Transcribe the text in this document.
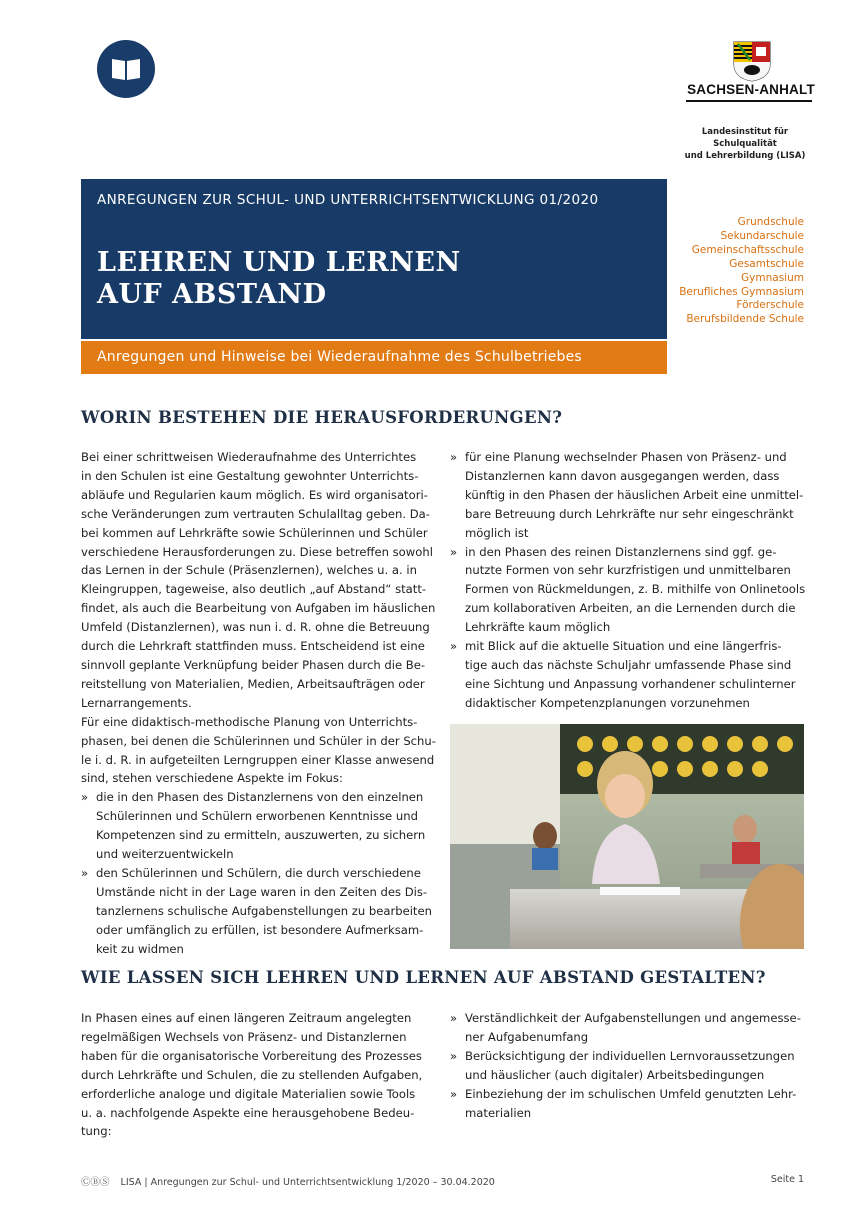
SACHSEN-ANHALT
Landesinstitut für Schulqualität
und Lehrerbildung (LISA)
ANREGUNGEN ZUR SCHUL- UND UNTERRICHTSENTWICKLUNG 01/2020
LEHREN UND LERNEN
AUF ABSTAND
Anregungen und Hinweise bei Wiederaufnahme des Schulbetriebes
Grundschule
Sekundarschule
Gemeinschaftsschule
Gesamtschule
Gymnasium
Berufliches Gymnasium
Förderschule
Berufsbildende Schule
WORIN BESTEHEN DIE HERAUSFORDERUNGEN?

Bei einer schrittweisen Wiederaufnahme des Unterrichtes
in den Schulen ist eine Gestaltung gewohnter Unterrichts-
abläufe und Regularien kaum möglich. Es wird organisatori-
sche Veränderungen zum vertrauten Schulalltag geben. Da-
bei kommen auf Lehrkräfte sowie Schülerinnen und Schüler
verschiedene Herausforderungen zu. Diese betreffen sowohl
das Lernen in der Schule (Präsenzlernen), welches u. a. in
Kleingruppen, tageweise, also deutlich „auf Abstand“ statt-
findet, als auch die Bearbeitung von Aufgaben im häuslichen
Umfeld (Distanzlernen), was nun i. d. R. ohne die Betreuung
durch die Lehrkraft stattfinden muss. Entscheidend ist eine
sinnvoll geplante Verknüpfung beider Phasen durch die Be-
reitstellung von Materialien, Medien, Arbeitsaufträgen oder
Lernarrangements.

Für eine didaktisch-methodische Planung von Unterrichts-
phasen, bei denen die Schülerinnen und Schüler in der Schu-
le i. d. R. in aufgeteilten Lerngruppen einer Klasse anwesend
sind, stehen verschiedene Aspekte im Fokus:

» die in den Phasen des Distanzlernens von den einzelnen
Schülerinnen und Schülern erworbenen Kenntnisse und
Kompetenzen sind zu ermitteln, auszuwerten, zu sichern
und weiterzuentwickeln
» den Schülerinnen und Schülern, die durch verschiedene
Umstände nicht in der Lage waren in den Zeiten des Dis-
tanzlernens schulische Aufgabenstellungen zu bearbeiten
oder umfänglich zu erfüllen, ist besondere Aufmerksam-
keit zu widmen
» für eine Planung wechselnder Phasen von Präsenz- und
Distanzlernen kann davon ausgegangen werden, dass
künftig in den Phasen der häuslichen Arbeit eine unmittel-
bare Betreuung durch Lehrkräfte nur sehr eingeschränkt
möglich ist
» in den Phasen des reinen Distanzlernens sind ggf. ge-
nutzte Formen von sehr kurzfristigen und unmittelbaren
Formen von Rückmeldungen, z. B. mithilfe von Onlinetools
zum kollaborativen Arbeiten, an die Lernenden durch die
Lehrkräfte kaum möglich
» mit Blick auf die aktuelle Situation und eine längerfris-
tige auch das nächste Schuljahr umfassende Phase sind
eine Sichtung und Anpassung vorhandener schulinterner
didaktischer Kompetenzplanungen vorzunehmen
WIE LASSEN SICH LEHREN UND LERNEN AUF ABSTAND GESTALTEN?

In Phasen eines auf einen längeren Zeitraum angelegten
regelmäßigen Wechsels von Präsenz- und Distanzlernen
haben für die organisatorische Vorbereitung des Prozesses
durch Lehrkräfte und Schulen, die zu stellenden Aufgaben,
erforderliche analoge und digitale Materialien sowie Tools
u. a. nachfolgende Aspekte eine herausgehobene Bedeu-
tung:

» Verständlichkeit der Aufgabenstellungen und angemesse-
ner Aufgabenumfang
» Berücksichtigung der individuellen Lernvoraussetzungen
und häuslicher (auch digitaler) Arbeitsbedingungen
» Einbeziehung der im schulischen Umfeld genutzten Lehr-
materialien
ⒸⒷⓈ LISA | Anregungen zur Schul- und Unterrichtsentwicklung 1/2020 – 30.04.2020	Seite 1
